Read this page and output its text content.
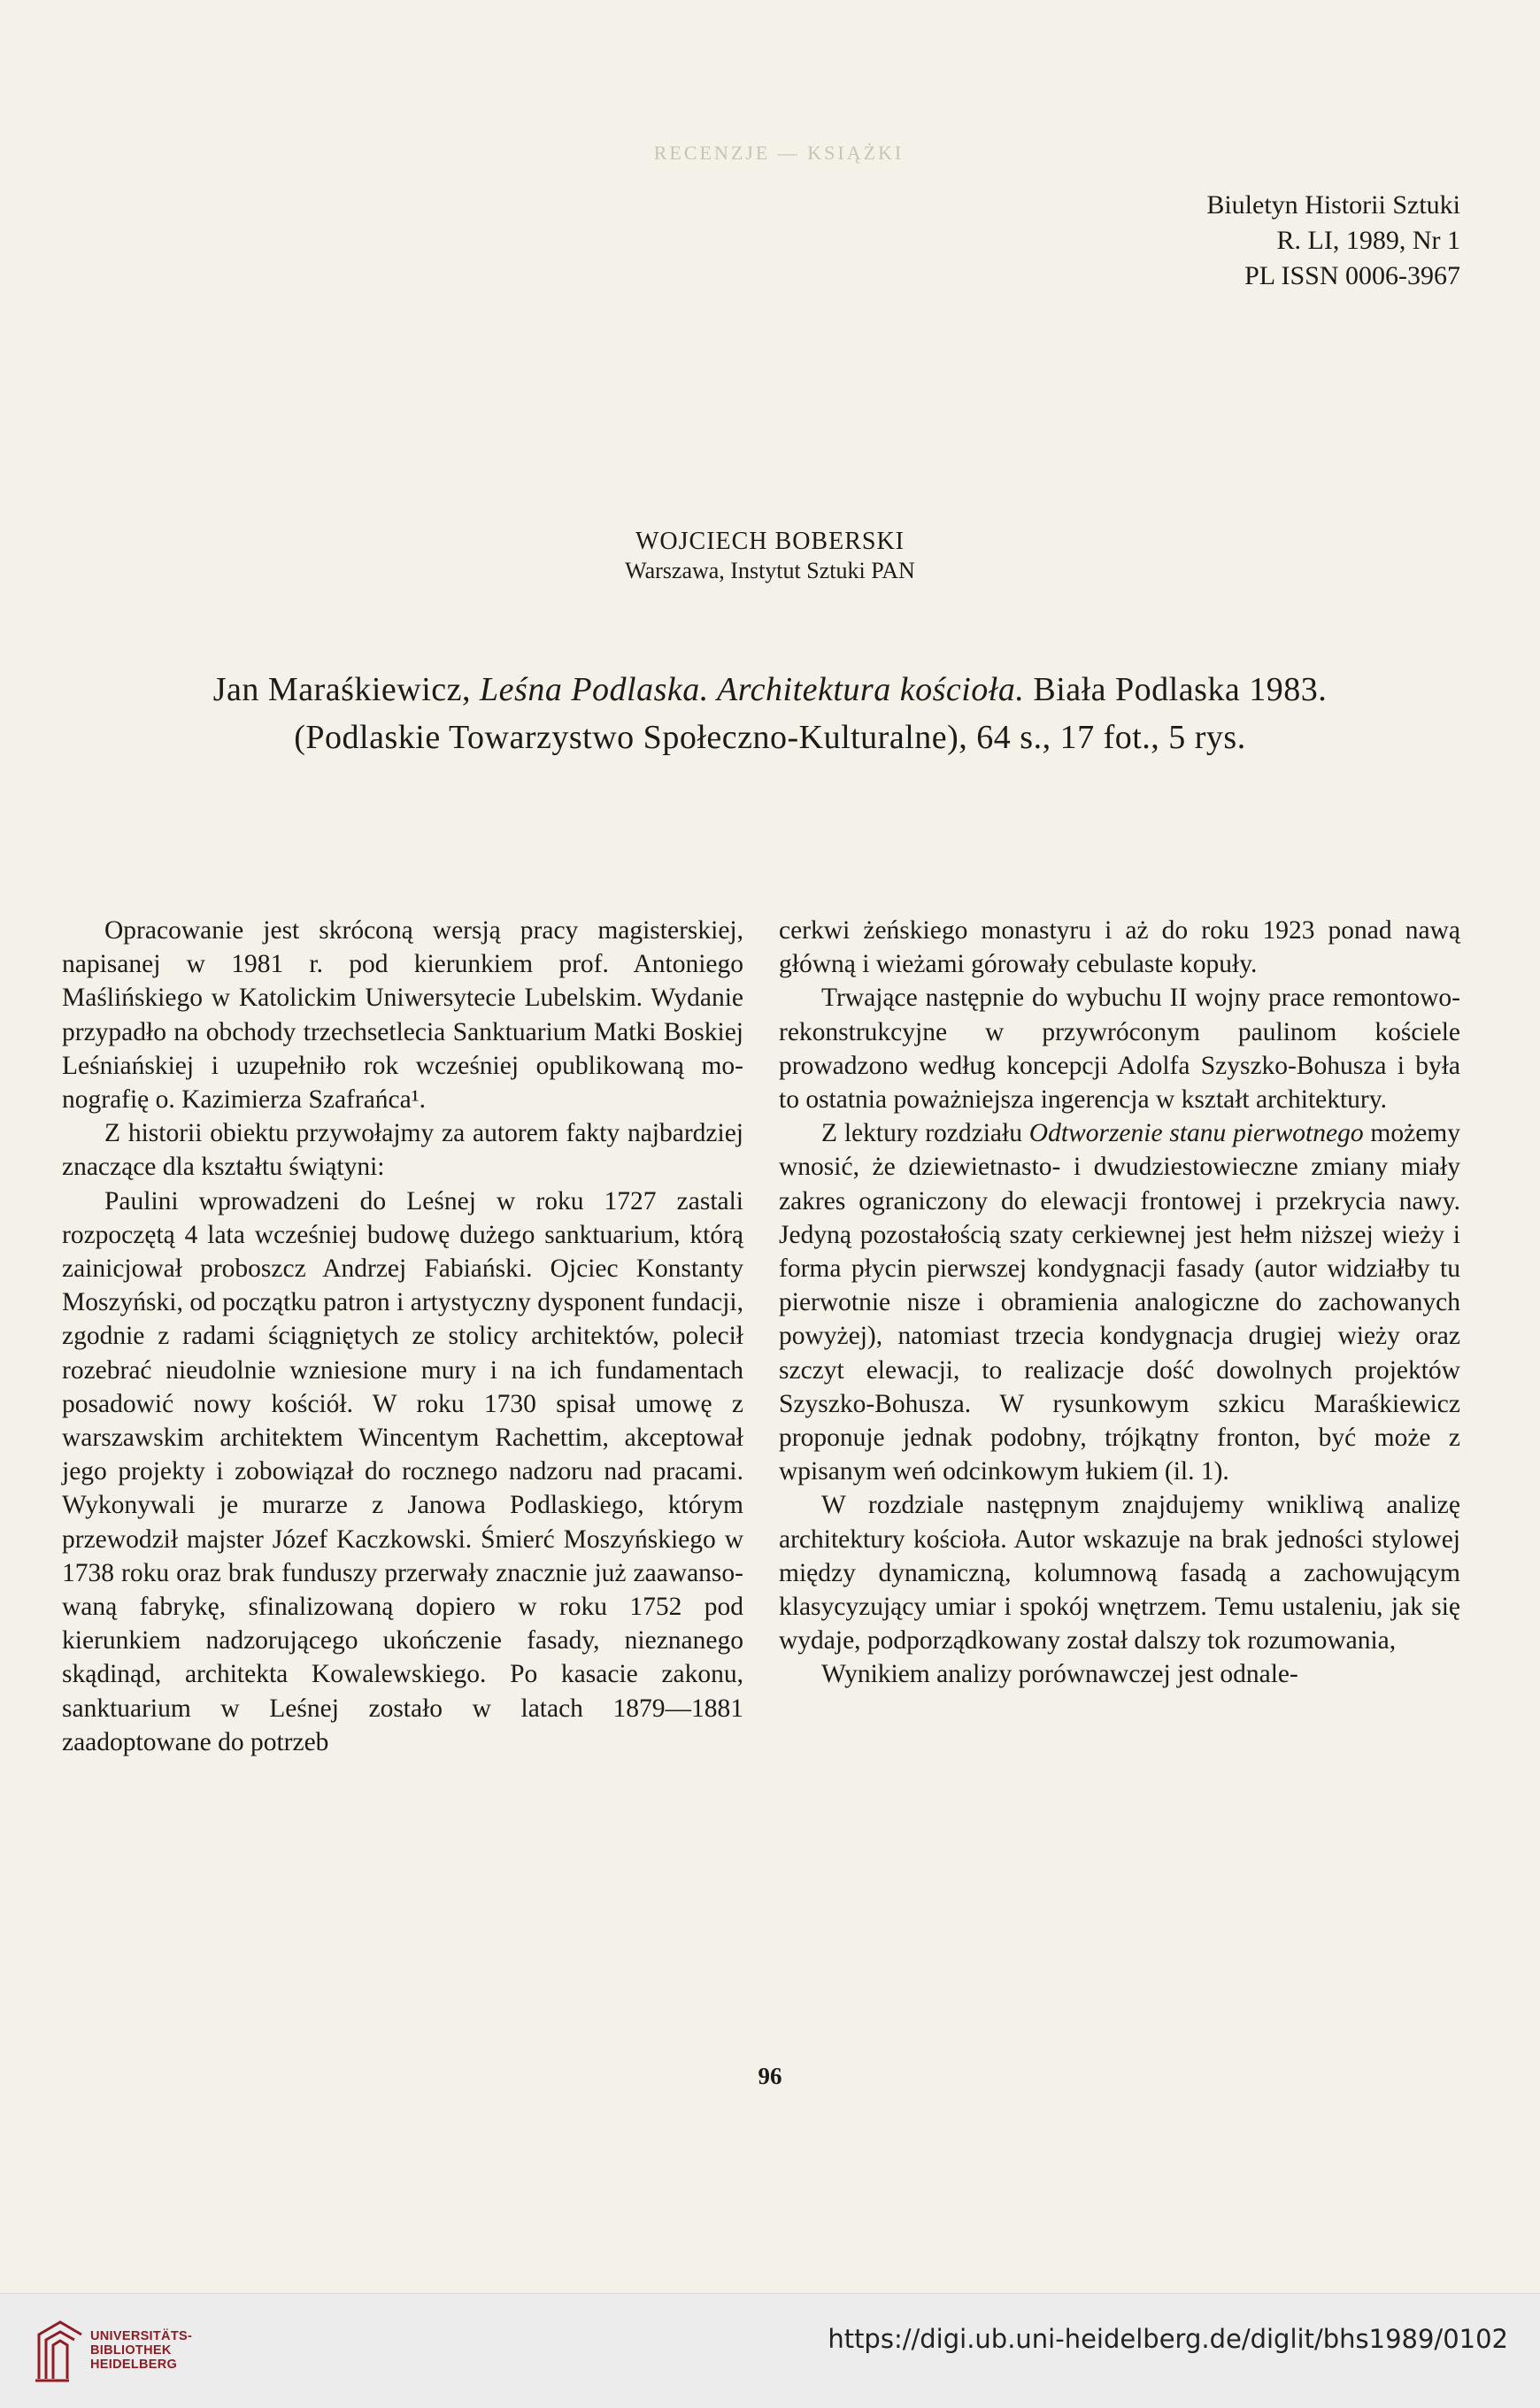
RECENZJE — KSIĄŻKI
Biuletyn Historii Sztuki
R. LI, 1989, Nr 1
PL ISSN 0006-3967
WOJCIECH BOBERSKI
Warszawa, Instytut Sztuki PAN
Jan Maraśkiewicz, Leśna Podlaska. Architektura kościoła. Biała Podlaska 1983.
(Podlaskie Towarzystwo Społeczno-Kulturalne), 64 s., 17 fot., 5 rys.

Opracowanie jest skróconą wersją pracy magisterskiej, napisanej w 1981 r. pod kierunkiem prof. Antoniego Maślińskiego w Katolickim Uniwersytecie Lubelskim. Wydanie przypadło na obchody trzechsetlecia Sanktuarium Matki Boskiej Leśniańskiej i uzupełniło rok wcześniej opublikowaną monografię o. Kazimierza Szafrańca¹.

Z historii obiektu przywołajmy za autorem fakty najbardziej znaczące dla kształtu świątyni:

Paulini wprowadzeni do Leśnej w roku 1727 zastali rozpoczętą 4 lata wcześniej budowę dużego sanktuarium, którą zainicjował proboszcz Andrzej Fabiański. Ojciec Konstanty Moszyński, od początku patron i artystyczny dysponent fundacji, zgodnie z radami ściągniętych ze stolicy architektów, polecił rozebrać nieudolnie wzniesione mury i na ich fundamentach posadowić nowy kościół. W roku 1730 spisał umowę z warszawskim architektem Wincentym Rachettim, akceptował jego projekty i zobowiązał do rocznego nadzoru nad pracami. Wykonywali je murarze z Janowa Podlaskiego, którym przewodził majster Józef Kaczkowski. Śmierć Moszyńskiego w 1738 roku oraz brak funduszy przerwały znacznie już zaawansowaną fabrykę, sfinalizowaną dopiero w roku 1752 pod kierunkiem nadzorującego ukończenie fasady, nieznanego skądinąd, architekta Kowalewskiego. Po kasacie zakonu, sanktuarium w Leśnej zostało w latach 1879—1881 zaadoptowane do potrzeb

cerkwi żeńskiego monastyru i aż do roku 1923 ponad nawą główną i wieżami górowały cebulaste kopuły.

Trwające następnie do wybuchu II wojny prace remontowo-rekonstrukcyjne w przywróconym paulinom kościele prowadzono według koncepcji Adolfa Szyszko-Bohusza i była to ostatnia poważniejsza ingerencja w kształt architektury.

Z lektury rozdziału Odtworzenie stanu pierwotnego możemy wnosić, że dziewietnasto- i dwudziestowieczne zmiany miały zakres ograniczony do elewacji frontowej i przekrycia nawy. Jedyną pozostałością szaty cerkiewnej jest hełm niższej wieży i forma płycin pierwszej kondygnacji fasady (autor widziałby tu pierwotnie nisze i obramienia analogiczne do zachowanych powyżej), natomiast trzecia kondygnacja drugiej wieży oraz szczyt elewacji, to realizacje dość dowolnych projektów Szyszko-Bohusza. W rysunkowym szkicu Maraśkiewicz proponuje jednak podobny, trójkątny fronton, być może z wpisanym weń odcinkowym łukiem (il. 1).

W rozdziale następnym znajdujemy wnikliwą analizę architektury kościoła. Autor wskazuje na brak jedności stylowej między dynamiczną, kolumnową fasadą a zachowującym klasycyzujący umiar i spokój wnętrzem. Temu ustaleniu, jak się wydaje, podporządkowany został dalszy tok rozumowania,

Wynikiem analizy porównawczej jest odnale-

96
UNIVERSITÄTS-
BIBLIOTHEK
HEIDELBERG
https://digi.ub.uni-heidelberg.de/diglit/bhs1989/0102
